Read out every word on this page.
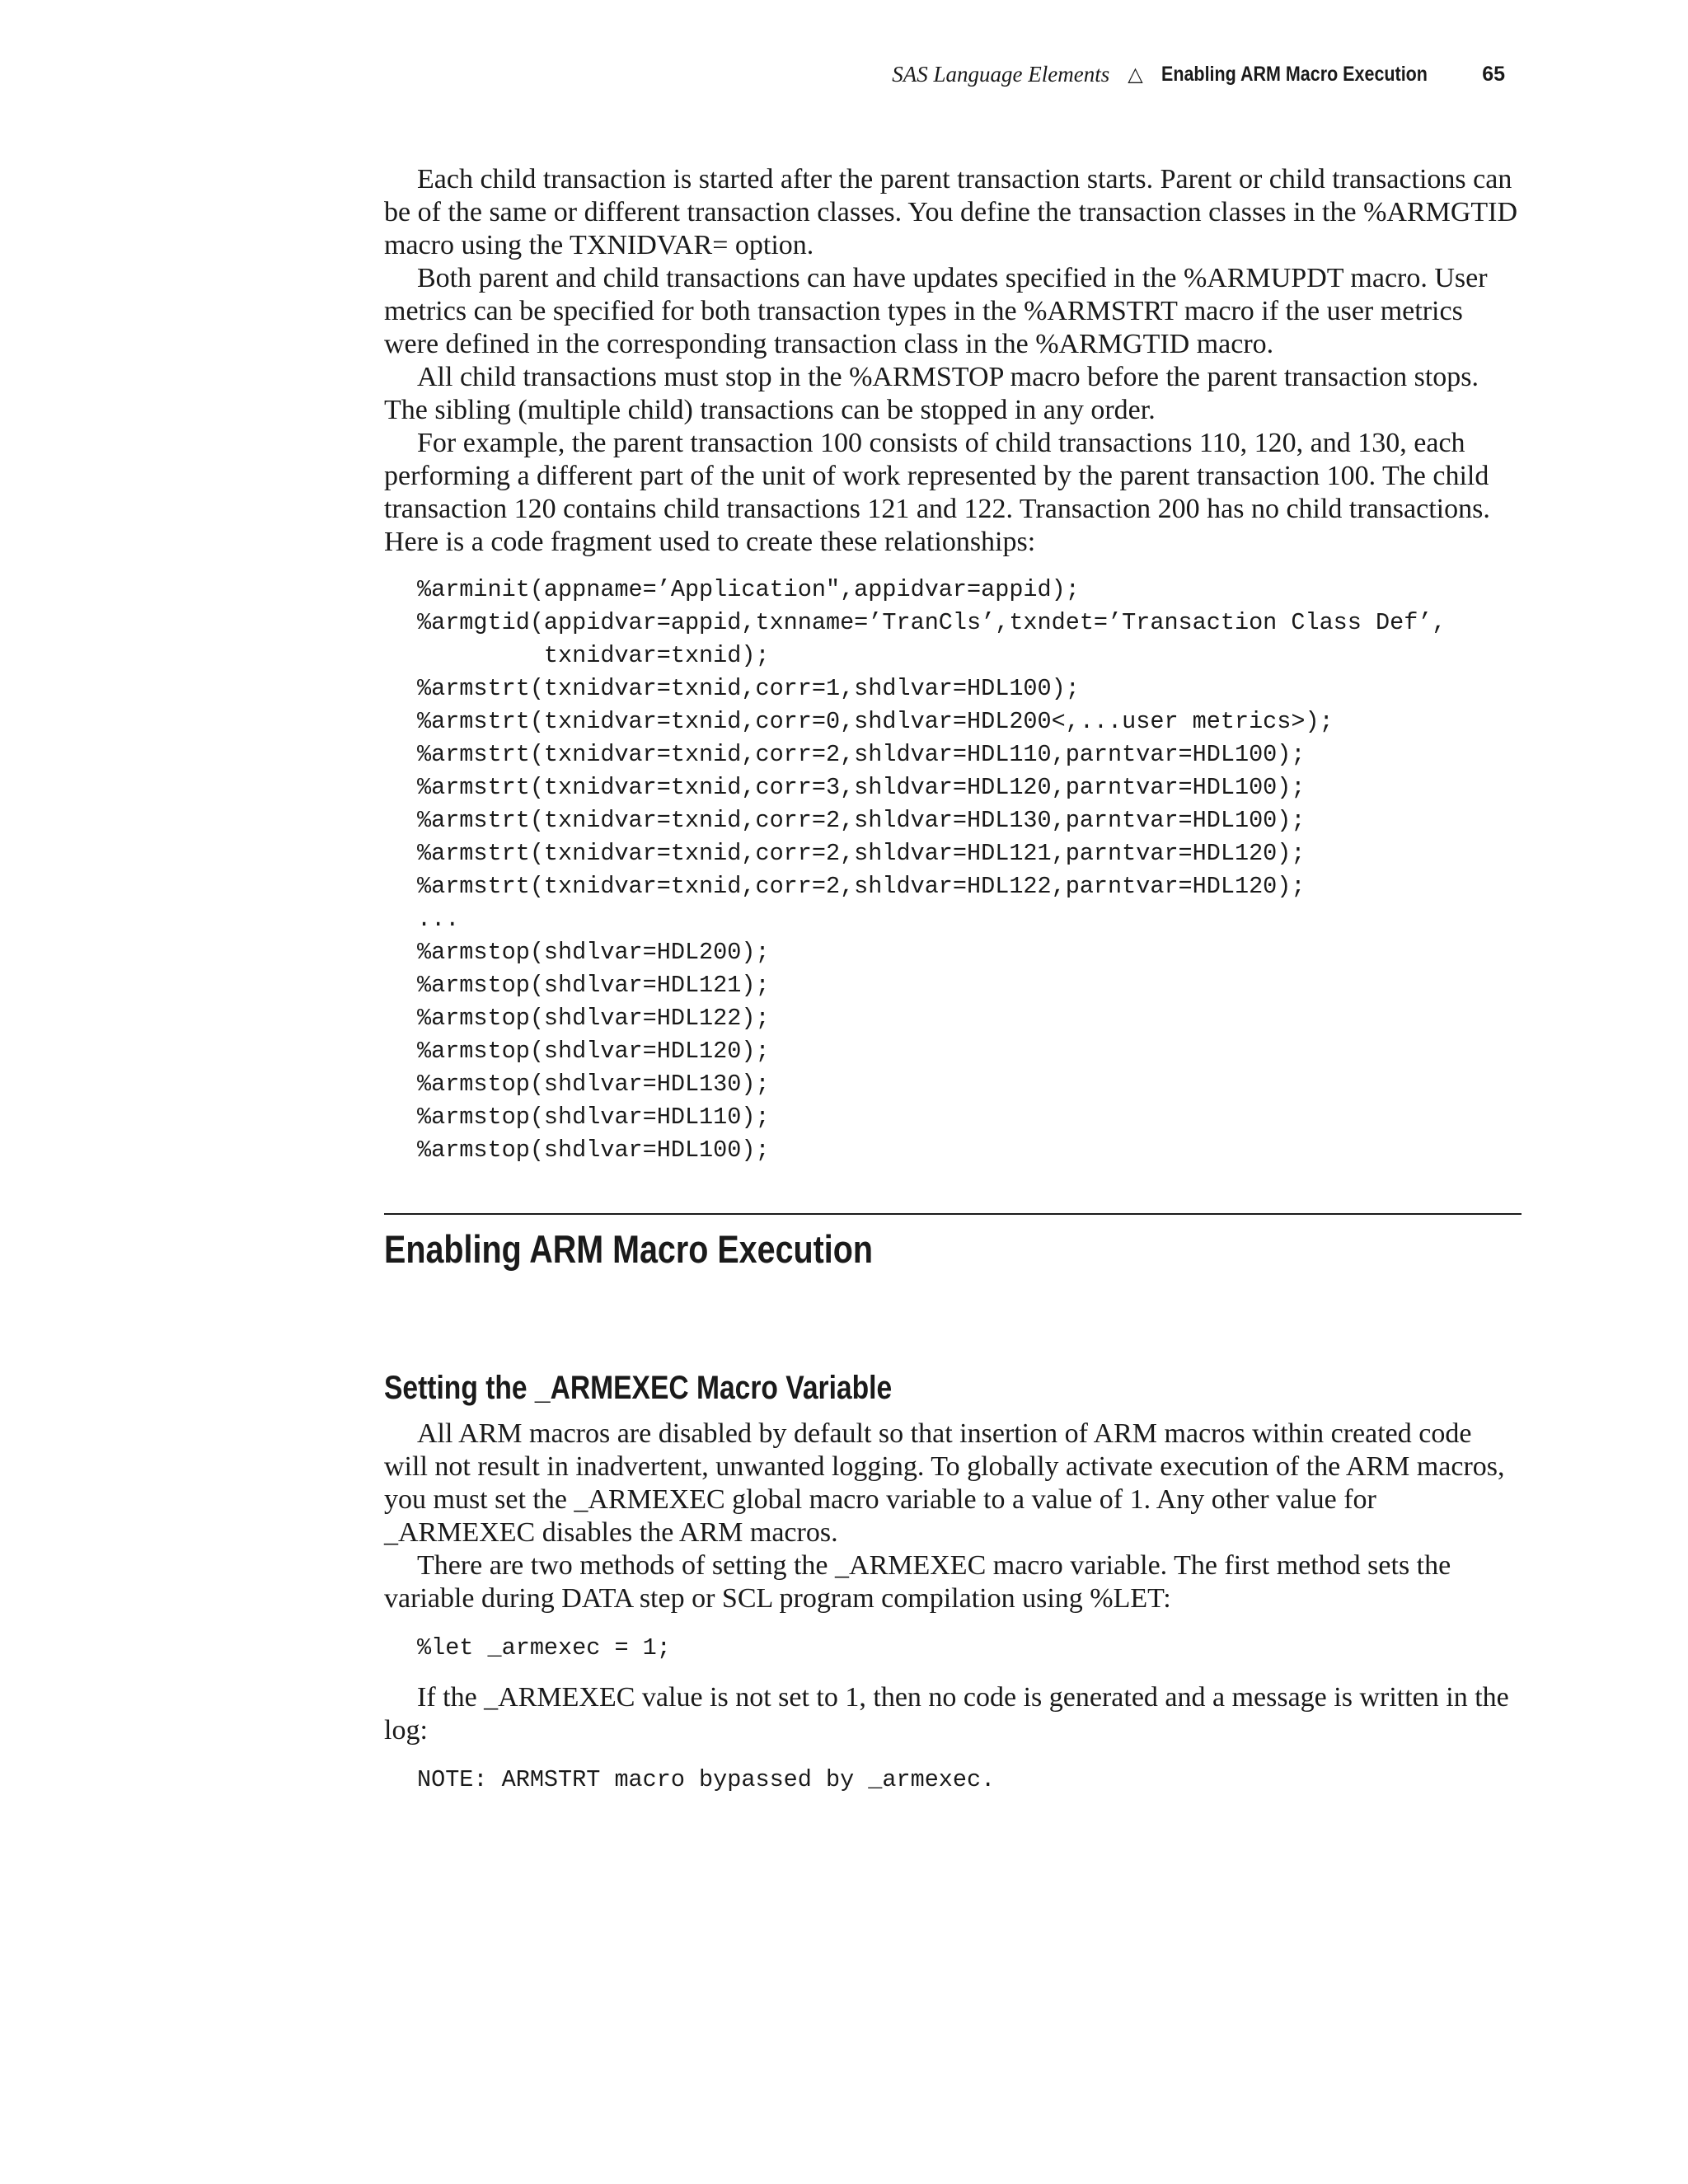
SAS Language Elements △ Enabling ARM Macro Execution	65

Each child transaction is started after the parent transaction starts. Parent or child transactions can be of the same or different transaction classes. You define the transaction classes in the %ARMGTID macro using the TXNIDVAR= option.

Both parent and child transactions can have updates specified in the %ARMUPDT macro. User metrics can be specified for both transaction types in the %ARMSTRT macro if the user metrics were defined in the corresponding transaction class in the %ARMGTID macro.

All child transactions must stop in the %ARMSTOP macro before the parent transaction stops. The sibling (multiple child) transactions can be stopped in any order.

For example, the parent transaction 100 consists of child transactions 110, 120, and 130, each performing a different part of the unit of work represented by the parent transaction 100. The child transaction 120 contains child transactions 121 and 122. Transaction 200 has no child transactions. Here is a code fragment used to create these relationships:

%arminit(appname=’Application",appidvar=appid);
%armgtid(appidvar=appid,txnname=’TranCls’,txndet=’Transaction Class Def’,
txnidvar=txnid);
%armstrt(txnidvar=txnid,corr=1,shdlvar=HDL100);
%armstrt(txnidvar=txnid,corr=0,shdlvar=HDL200<,...user metrics>);
%armstrt(txnidvar=txnid,corr=2,shldvar=HDL110,parntvar=HDL100);
%armstrt(txnidvar=txnid,corr=3,shldvar=HDL120,parntvar=HDL100);
%armstrt(txnidvar=txnid,corr=2,shldvar=HDL130,parntvar=HDL100);
%armstrt(txnidvar=txnid,corr=2,shldvar=HDL121,parntvar=HDL120);
%armstrt(txnidvar=txnid,corr=2,shldvar=HDL122,parntvar=HDL120);
...
%armstop(shdlvar=HDL200);
%armstop(shdlvar=HDL121);
%armstop(shdlvar=HDL122);
%armstop(shdlvar=HDL120);
%armstop(shdlvar=HDL130);
%armstop(shdlvar=HDL110);
%armstop(shdlvar=HDL100);
Enabling ARM Macro Execution
Setting the _ARMEXEC Macro Variable

All ARM macros are disabled by default so that insertion of ARM macros within created code will not result in inadvertent, unwanted logging. To globally activate execution of the ARM macros, you must set the _ARMEXEC global macro variable to a value of 1. Any other value for _ARMEXEC disables the ARM macros.

There are two methods of setting the _ARMEXEC macro variable. The first method sets the variable during DATA step or SCL program compilation using %LET:

%let _armexec = 1;

If the _ARMEXEC value is not set to 1, then no code is generated and a message is written in the log:

NOTE: ARMSTRT macro bypassed by _armexec.
